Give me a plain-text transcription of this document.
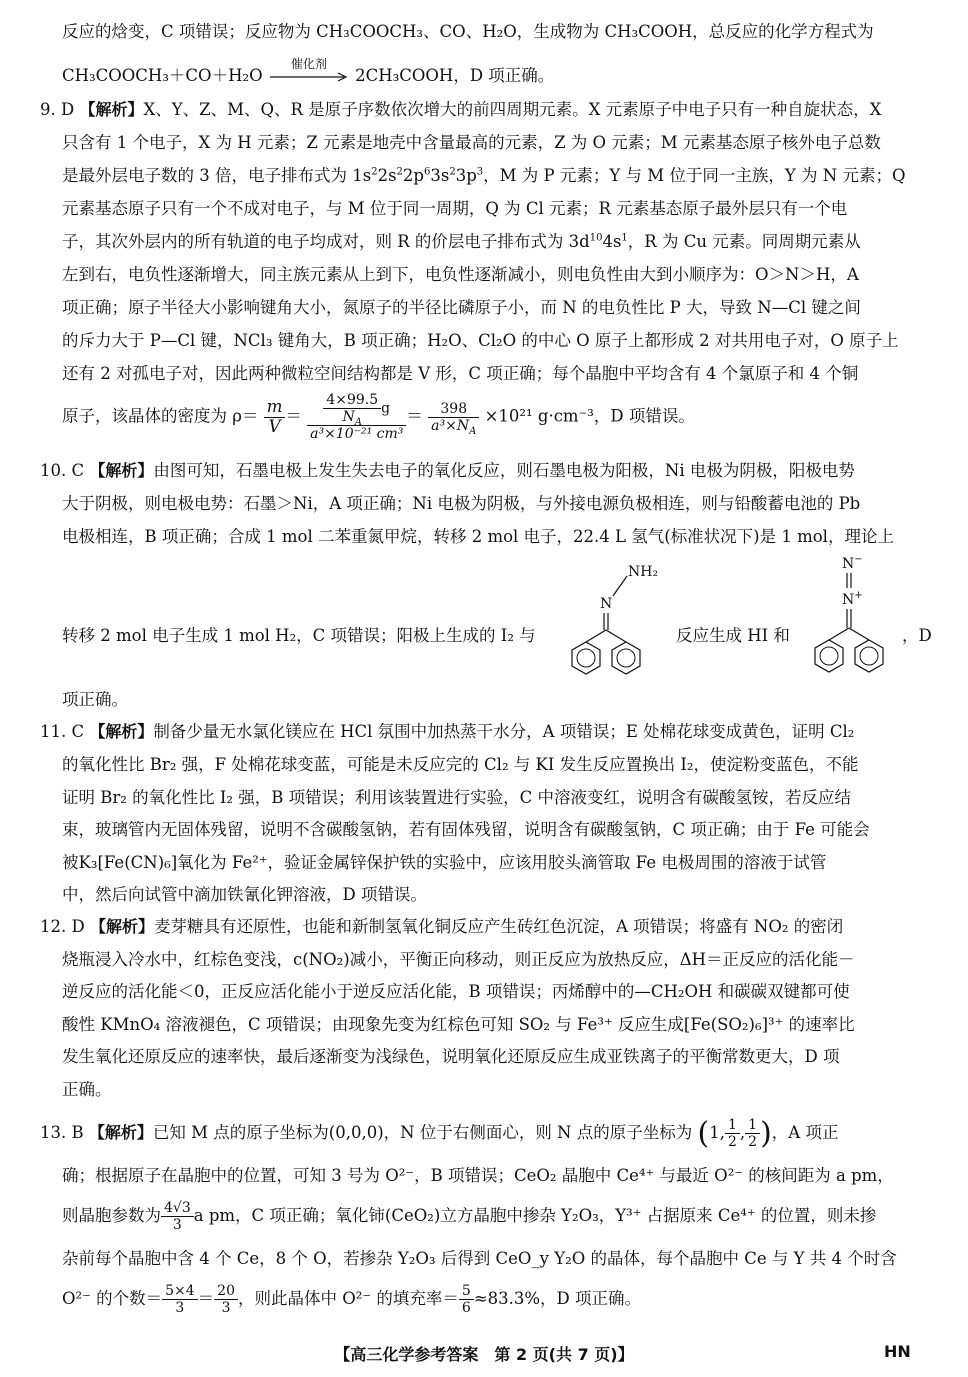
反应的焓变，C 项错误；反应物为 CH₃COOCH₃、CO、H₂O，生成物为 CH₃COOH，总反应的化学方程式为
CH₃COOCH₃＋CO＋H₂O
催化剂
2CH₃COOH，D 项正确。
9. D 【解析】X、Y、Z、M、Q、R 是原子序数依次增大的前四周期元素。X 元素原子中电子只有一种自旋状态，X
只含有 1 个电子，X 为 H 元素；Z 元素是地壳中含量最高的元素，Z 为 O 元素；M 元素基态原子核外电子总数
是最外层电子数的 3 倍，电子排布式为 $1s^22s^22p^63s^23p^3$，M 为 P 元素；Y 与 M 位于同一主族，Y 为 N 元素；Q
元素基态原子只有一个不成对电子，与 M 位于同一周期，Q 为 Cl 元素；R 元素基态原子最外层只有一个电
子，其次外层内的所有轨道的电子均成对，则 R 的价层电子排布式为 $3d^{10}4s^1$，R 为 Cu 元素。同周期元素从
左到右，电负性逐渐增大，同主族元素从上到下，电负性逐渐减小，则电负性由大到小顺序为：O＞N＞H，A
项正确；原子半径大小影响键角大小，氮原子的半径比磷原子小，而 N 的电负性比 P 大，导致 N—Cl 键之间
的斥力大于 P—Cl 键，NCl₃ 键角大，B 项正确；H₂O、Cl₂O 的中心 O 原子上都形成 2 对共用电子对，O 原子上
还有 2 对孤电子对，因此两种微粒空间结构都是 V 形，C 项正确；每个晶胞中平均含有 4 个氯原子和 4 个铜
原子，该晶体的密度为 $\rho= \frac{m}{V} = \frac{\frac{4\times 99.5}{N_A} g}{\text{a³×10⁻²¹ cm³}} = \frac{398}{a^3\times N_A} \times 10^{21}$ g·cm⁻³，D 项错误。
10. C 【解析】由图可知，石墨电极上发生失去电子的氧化反应，则石墨电极为阳极，Ni 电极为阴极，阳极电势
大于阴极，则电极电势：石墨＞Ni，A 项正确；Ni 电极为阴极，与外接电源负极相连，则与铅酸蓄电池的 Pb
电极相连，B 项正确；合成 1 mol 二苯重氮甲烷，转移 2 mol 电子，22.4 L 氢气(标准状况下)是 1 mol，理论上
NH₂
N
N−
N+
转移 2 mol 电子生成 1 mol H₂，C 项错误；阳极上生成的 I₂ 与	反应生成 HI 和	，D
项正确。
11. C 【解析】制备少量无水氯化镁应在 HCl 氛围中加热蒸干水分，A 项错误；E 处棉花球变成黄色，证明 Cl₂
的氧化性比 Br₂ 强，F 处棉花球变蓝，可能是未反应完的 Cl₂ 与 KI 发生反应置换出 I₂，使淀粉变蓝色，不能
证明 Br₂ 的氧化性比 I₂ 强，B 项错误；利用该装置进行实验，C 中溶液变红，说明含有碳酸氢铵，若反应结
束，玻璃管内无固体残留，说明不含碳酸氢钠，若有固体残留，说明含有碳酸氢钠，C 项正确；由于 Fe 可能会
被K₃[Fe(CN)₆]氧化为 Fe²⁺，验证金属锌保护铁的实验中，应该用胶头滴管取 Fe 电极周围的溶液于试管
中，然后向试管中滴加铁氰化钾溶液，D 项错误。
12. D 【解析】麦芽糖具有还原性，也能和新制氢氧化铜反应产生砖红色沉淀，A 项错误；将盛有 NO₂ 的密闭
烧瓶浸入冷水中，红棕色变浅，c(NO₂)减小，平衡正向移动，则正反应为放热反应，ΔH＝正反应的活化能－
逆反应的活化能＜0，正反应活化能小于逆反应活化能，B 项错误；丙烯醇中的—CH₂OH 和碳碳双键都可使
酸性 KMnO₄ 溶液褪色，C 项错误；由现象先变为红棕色可知 SO₂ 与 Fe³⁺ 反应生成[Fe(SO₂)₆]³⁺ 的速率比
发生氧化还原反应的速率快，最后逐渐变为浅绿色，说明氧化还原反应生成亚铁离子的平衡常数更大，D 项
正确。
13. B 【解析】已知 M 点的原子坐标为(0,0,0)，N 位于右侧面心，则 N 点的原子坐标为 (1, $\frac{1}{2}$ , $\frac{1}{2}$ )，A 项正
确；根据原子在晶胞中的位置，可知 3 号为 O²⁻，B 项错误；CeO₂ 晶胞中 Ce⁴⁺ 与最近 O²⁻ 的核间距为 a pm，
则晶胞参数为 $\frac{4√3}{3}$ a pm，C 项正确；氧化铈(CeO₂)立方晶胞中掺杂 Y₂O₃，Y³⁺ 占据原来 Ce⁴⁺ 的位置，则未掺
杂前每个晶胞中含 4 个 Ce，8 个 O，若掺杂 Y₂O₃ 后得到 CeO_y Y₂O 的晶体，每个晶胞中 Ce 与 Y 共 4 个时含
O²⁻ 的个数＝ $\frac{5\times 4}{3} = \frac{20}{3}$ ，则此晶体中 O²⁻ 的填充率＝ $\frac{5}{6} \approx 83.3\%$，D 项正确。
【高三化学参考答案　第 2 页(共 7 页)】	HN
